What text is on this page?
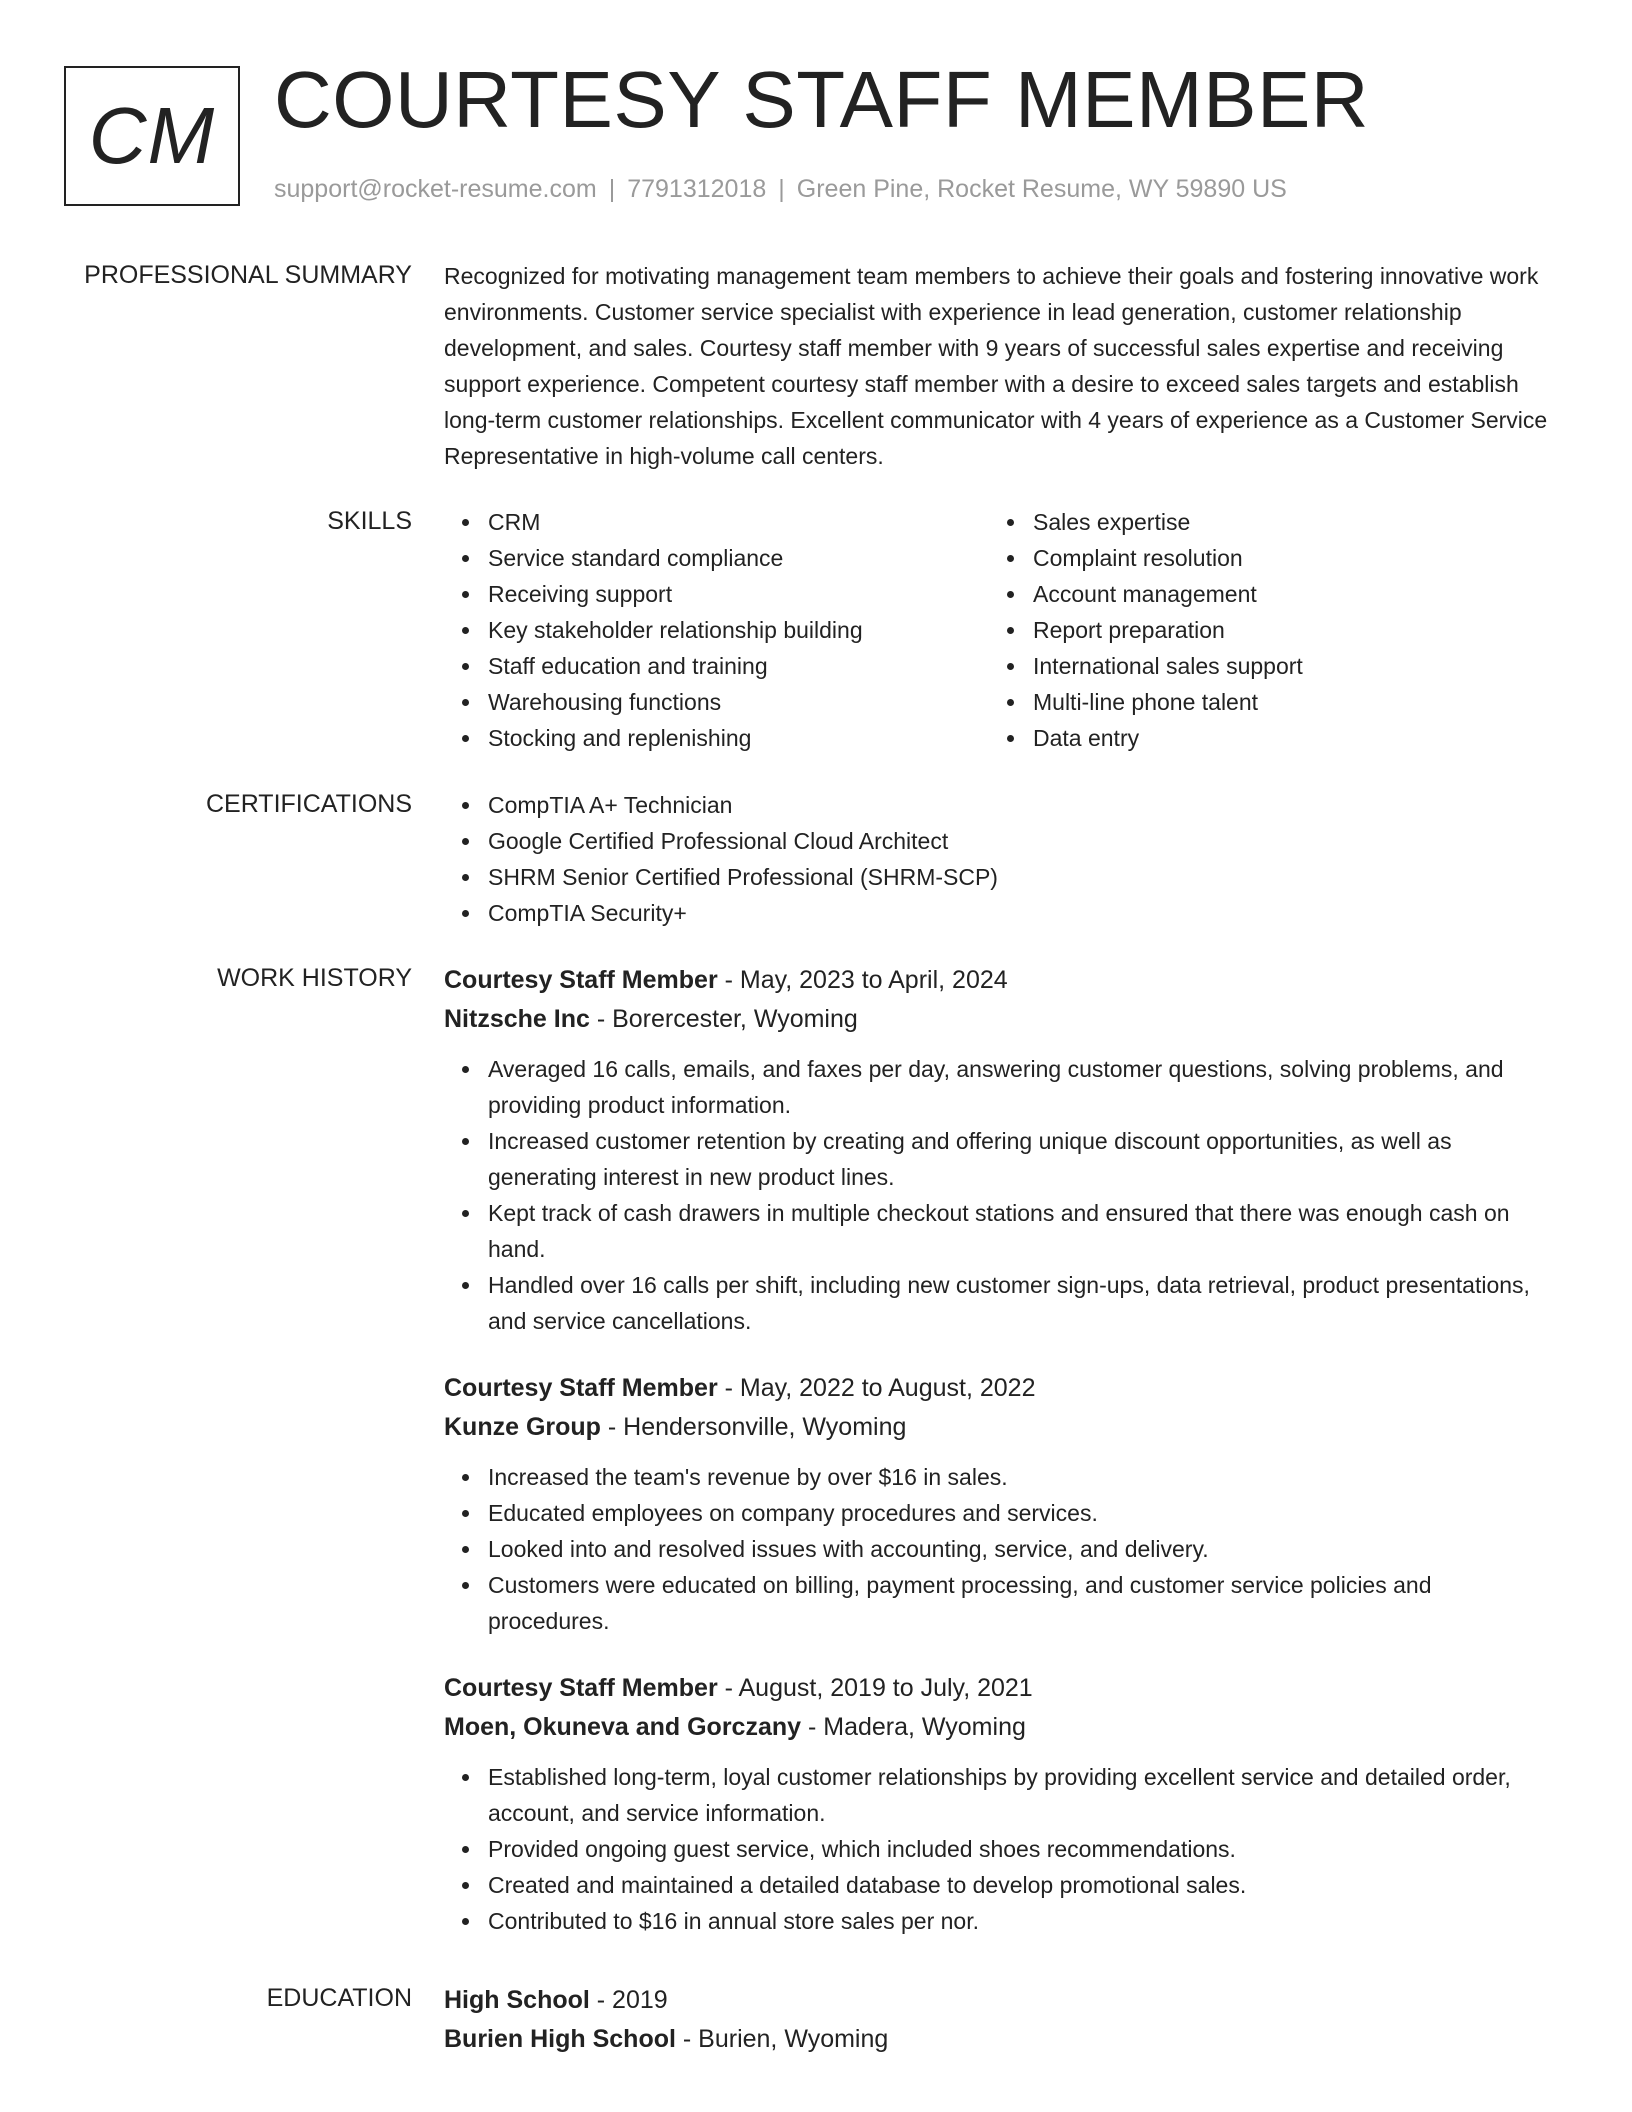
CM COURTESY STAFF MEMBER
support@rocket-resume.com | 7791312018 | Green Pine, Rocket Resume, WY 59890 US
PROFESSIONAL SUMMARY Recognized for motivating management team members to achieve their goals and fostering innovative work environments. Customer service specialist with experience in lead generation, customer relationship development, and sales. Courtesy staff member with 9 years of successful sales expertise and receiving support experience. Competent courtesy staff member with a desire to exceed sales targets and establish long-term customer relationships. Excellent communicator with 4 years of experience as a Customer Service Representative in high-volume call centers.

SKILLS	CRM
Service standard compliance
Receiving support
Key stakeholder relationship building
Staff education and training
Warehousing functions
Stocking and replenishing
Sales expertise
Complaint resolution
Account management
Report preparation
International sales support
Multi-line phone talent
Data entry
CERTIFICATIONS	CompTIA A+ Technician
Google Certified Professional Cloud Architect
SHRM Senior Certified Professional (SHRM-SCP)
CompTIA Security+
WORK HISTORY Courtesy Staff Member - May, 2023 to April, 2024
Nitzsche Inc - Borercester, Wyoming
Averaged 16 calls, emails, and faxes per day, answering customer questions, solving problems, and providing product information.
Increased customer retention by creating and offering unique discount opportunities, as well as generating interest in new product lines.
Kept track of cash drawers in multiple checkout stations and ensured that there was enough cash on hand.
Handled over 16 calls per shift, including new customer sign-ups, data retrieval, product presentations, and service cancellations.
Courtesy Staff Member - May, 2022 to August, 2022
Kunze Group - Hendersonville, Wyoming
Increased the team's revenue by over $16 in sales.
Educated employees on company procedures and services.
Looked into and resolved issues with accounting, service, and delivery.
Customers were educated on billing, payment processing, and customer service policies and procedures.
Courtesy Staff Member - August, 2019 to July, 2021
Moen, Okuneva and Gorczany - Madera, Wyoming
Established long-term, loyal customer relationships by providing excellent service and detailed order, account, and service information.
Provided ongoing guest service, which included shoes recommendations.
Created and maintained a detailed database to develop promotional sales.
Contributed to $16 in annual store sales per nor.
EDUCATION High School - 2019
Burien High School - Burien, Wyoming
